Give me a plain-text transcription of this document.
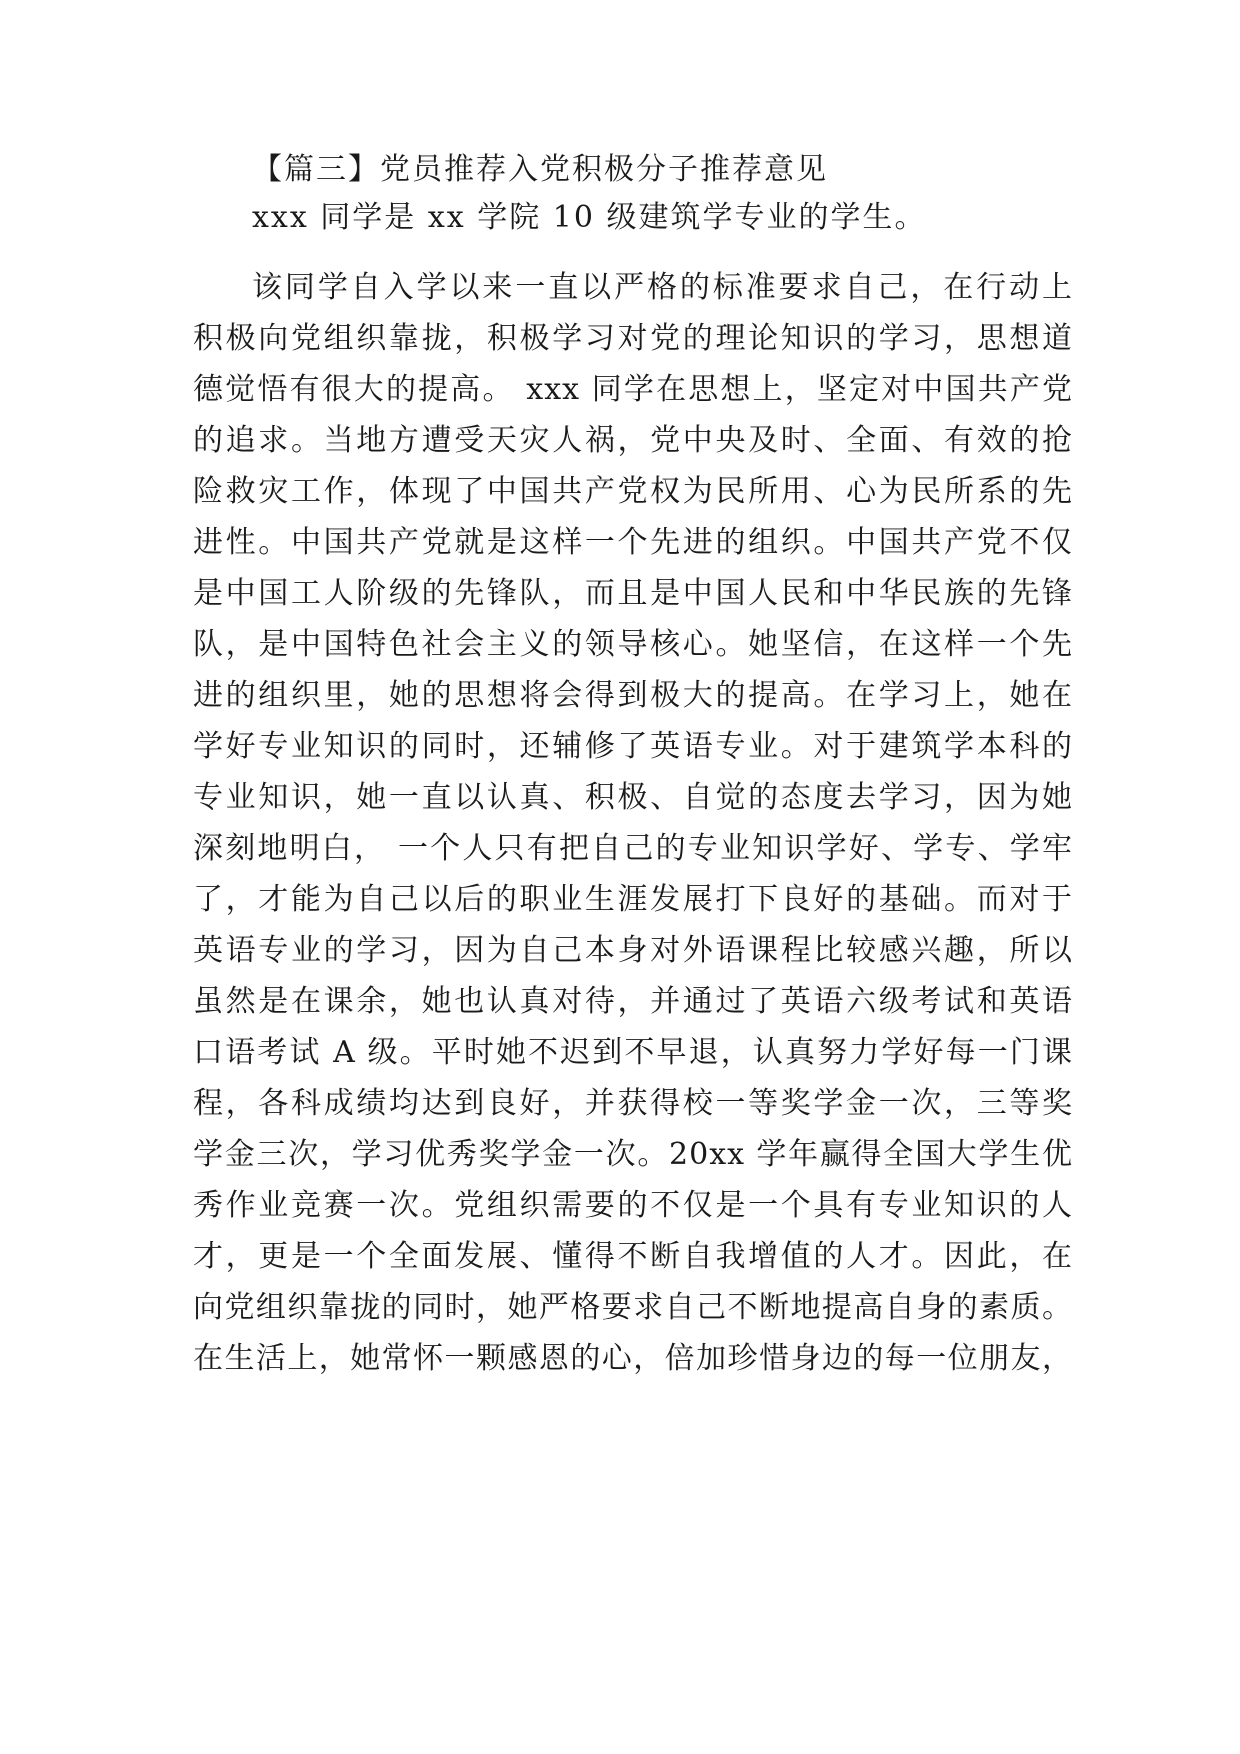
【篇三】党员推荐入党积极分子推荐意见
xxx 同学是 xx 学院 10 级建筑学专业的学生。
该同学自入学以来一直以严格的标准要求自己，在行动上
积极向党组织靠拢，积极学习对党的理论知识的学习，思想道
德觉悟有很大的提高。 xxx 同学在思想上，坚定对中国共产党
的追求。当地方遭受天灾人祸，党中央及时、全面、有效的抢
险救灾工作，体现了中国共产党权为民所用、心为民所系的先
进性。中国共产党就是这样一个先进的组织。中国共产党不仅
是中国工人阶级的先锋队，而且是中国人民和中华民族的先锋
队，是中国特色社会主义的领导核心。她坚信，在这样一个先
进的组织里，她的思想将会得到极大的提高。在学习上，她在
学好专业知识的同时，还辅修了英语专业。对于建筑学本科的
专业知识，她一直以认真、积极、自觉的态度去学习，因为她
深刻地明白， 一个人只有把自己的专业知识学好、学专、学牢
了，才能为自己以后的职业生涯发展打下良好的基础。而对于
英语专业的学习，因为自己本身对外语课程比较感兴趣，所以
虽然是在课余，她也认真对待，并通过了英语六级考试和英语
口语考试 A 级。平时她不迟到不早退，认真努力学好每一门课
程，各科成绩均达到良好，并获得校一等奖学金一次，三等奖
学金三次，学习优秀奖学金一次。20xx 学年赢得全国大学生优
秀作业竞赛一次。党组织需要的不仅是一个具有专业知识的人
才，更是一个全面发展、懂得不断自我增值的人才。因此，在
向党组织靠拢的同时，她严格要求自己不断地提高自身的素质。
在生活上，她常怀一颗感恩的心，倍加珍惜身边的每一位朋友，
